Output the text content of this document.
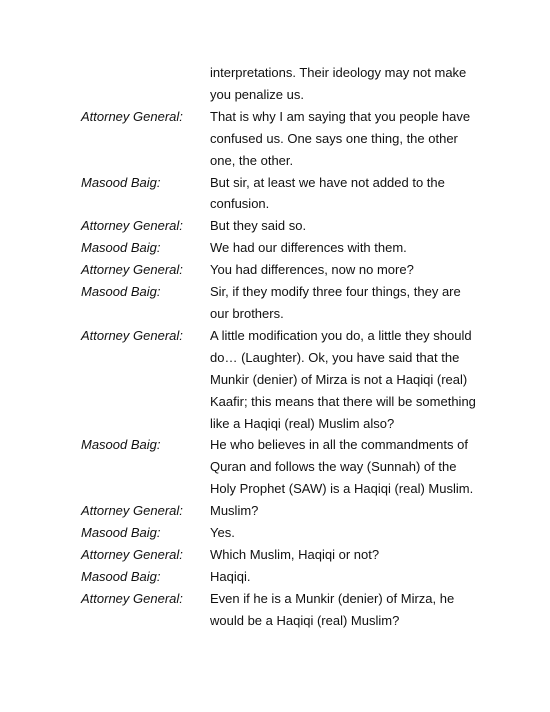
interpretations. Their ideology may not make
you penalize us.
Attorney General:	That is why I am saying that you people have
confused us. One says one thing, the other
one, the other.
Masood Baig:	But sir, at least we have not added to the
confusion.
Attorney General:	But they said so.
Masood Baig:	We had our differences with them.
Attorney General:	You had differences, now no more?
Masood Baig:	Sir, if they modify three four things, they are
our brothers.
Attorney General:	A little modification you do, a little they should
do… (Laughter). Ok, you have said that the
Munkir (denier) of Mirza is not a Haqiqi (real)
Kaafir; this means that there will be something
like a Haqiqi (real) Muslim also?
Masood Baig:	He who believes in all the commandments of
Quran and follows the way (Sunnah) of the
Holy Prophet (SAW) is a Haqiqi (real) Muslim.
Attorney General:	Muslim?
Masood Baig:	Yes.
Attorney General:	Which Muslim, Haqiqi or not?
Masood Baig:	Haqiqi.
Attorney General:	Even if he is a Munkir (denier) of Mirza, he
would be a Haqiqi (real) Muslim?
